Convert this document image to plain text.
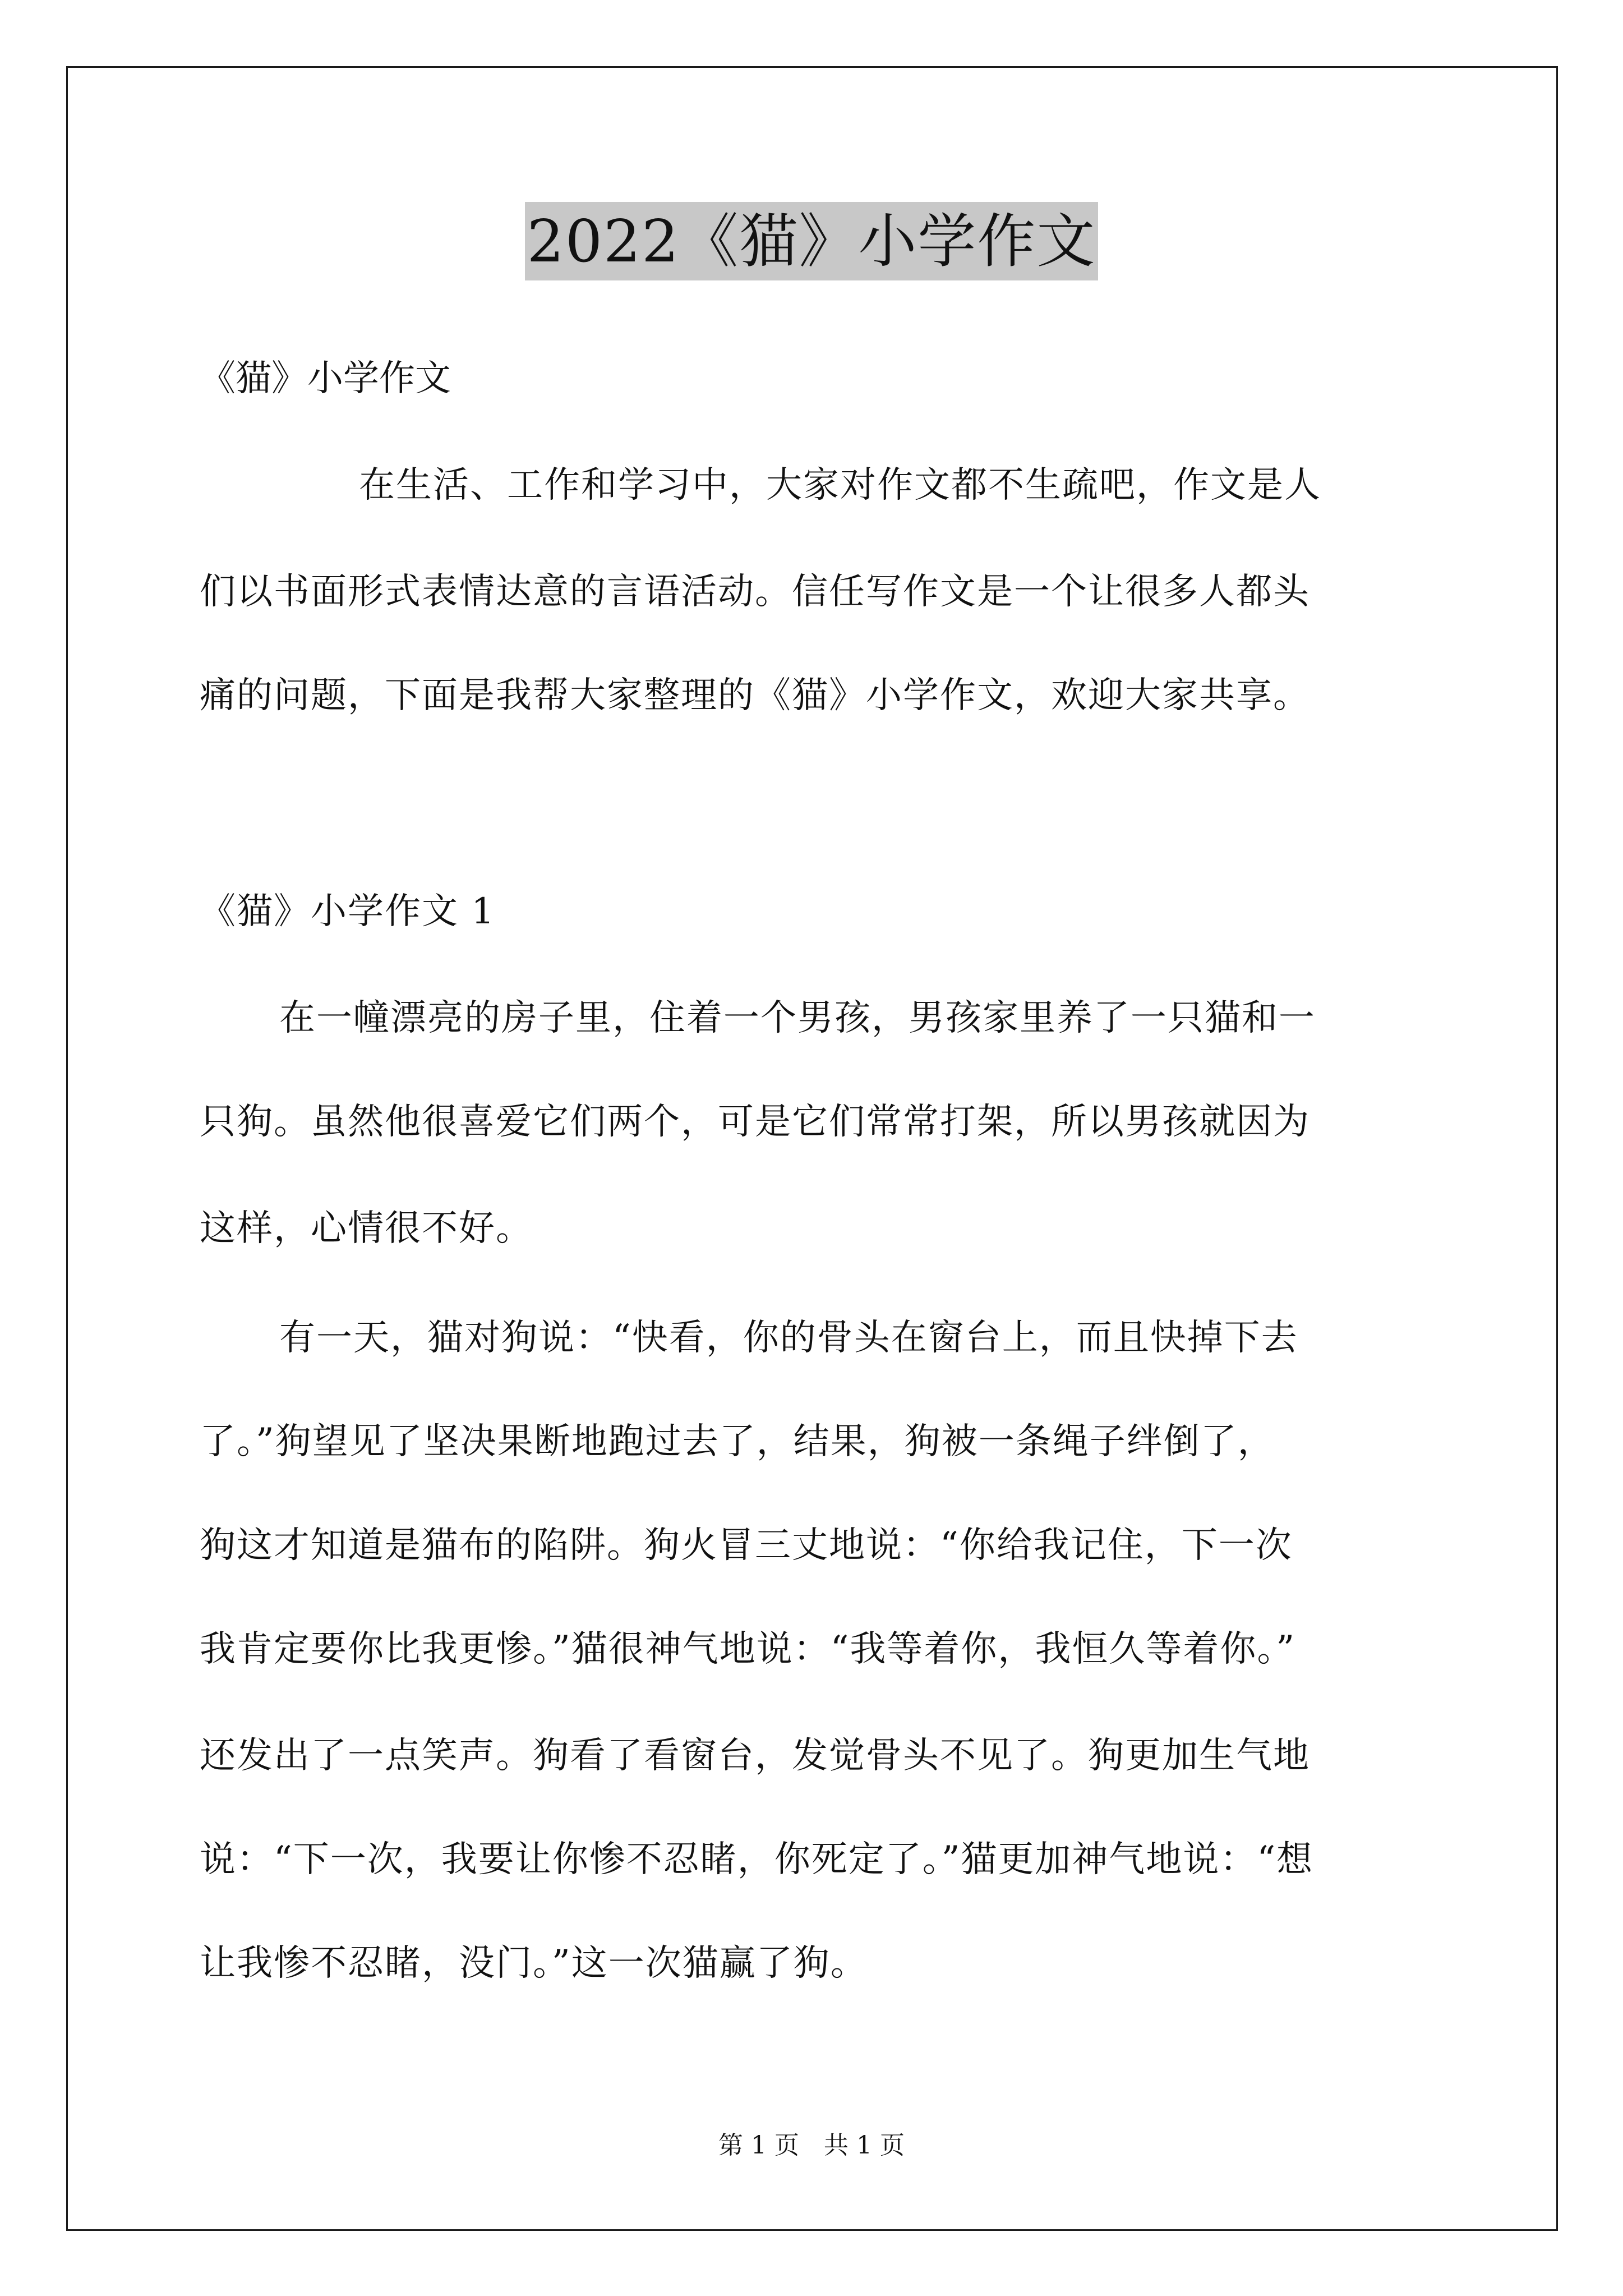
2022《猫》小学作文
《猫》小学作文
在生活、工作和学习中，大家对作文都不生疏吧，作文是人
们以书面形式表情达意的言语活动。信任写作文是一个让很多人都头
痛的问题，下面是我帮大家整理的《猫》小学作文，欢迎大家共享。
《猫》小学作文 1
在一幢漂亮的房子里，住着一个男孩，男孩家里养了一只猫和一
只狗。虽然他很喜爱它们两个，可是它们常常打架，所以男孩就因为
这样，心情很不好。
有一天，猫对狗说：“快看，你的骨头在窗台上，而且快掉下去
了。”狗望见了坚决果断地跑过去了，结果，狗被一条绳子绊倒了，
狗这才知道是猫布的陷阱。狗火冒三丈地说：“你给我记住，下一次
我肯定要你比我更惨。”猫很神气地说：“我等着你，我恒久等着你。”
还发出了一点笑声。狗看了看窗台，发觉骨头不见了。狗更加生气地
说：“下一次，我要让你惨不忍睹，你死定了。”猫更加神气地说：“想
让我惨不忍睹，没门。”这一次猫赢了狗。
第 1 页　共 1 页
